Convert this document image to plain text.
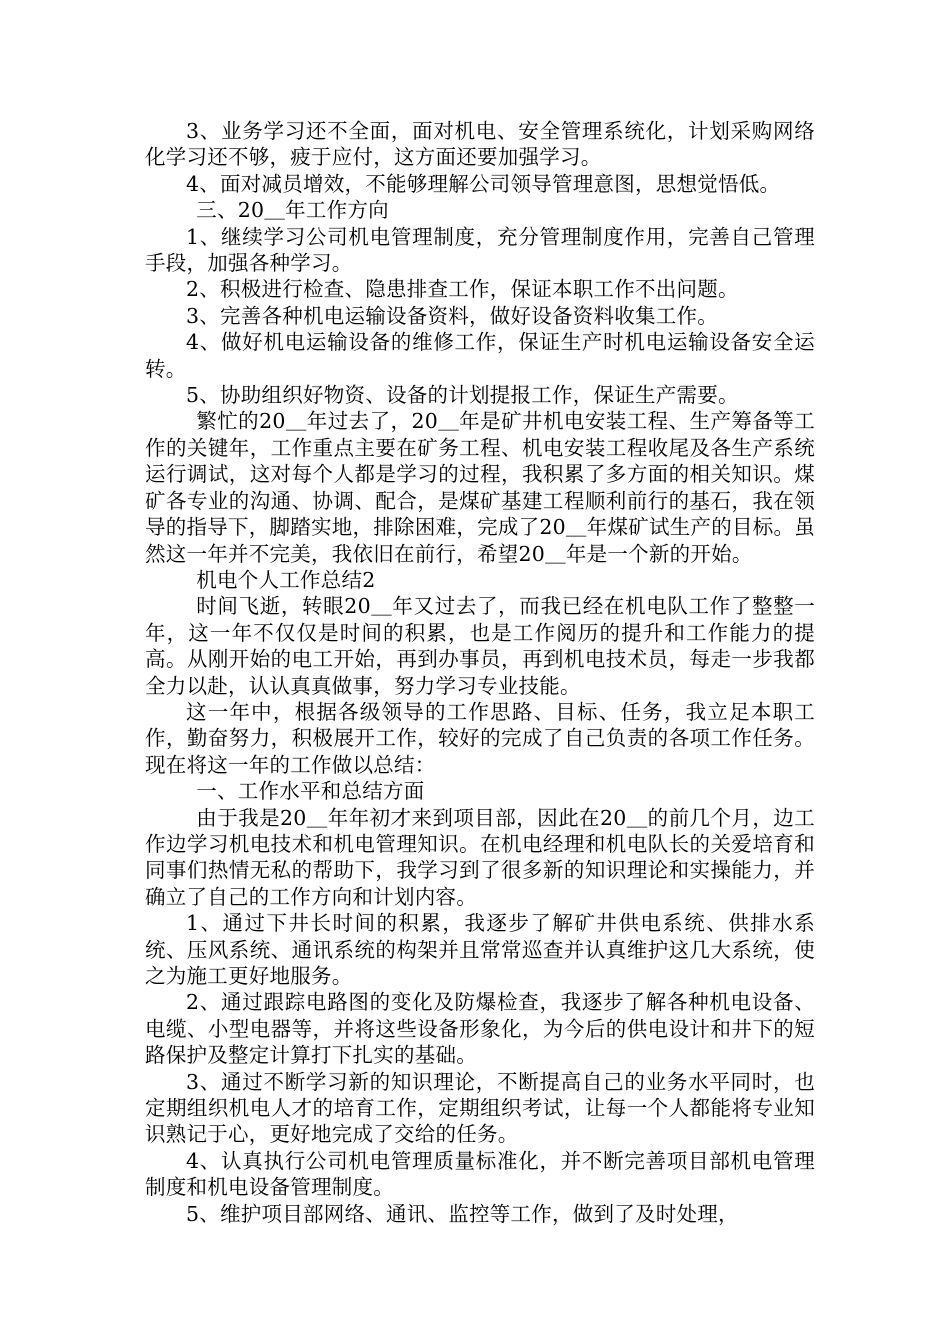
3、业务学习还不全面，面对机电、安全管理系统化，计划采购网络化学习还不够，疲于应付，这方面还要加强学习。

4、面对减员增效，不能够理解公司领导管理意图，思想觉悟低。

三、20＿年工作方向

1、继续学习公司机电管理制度，充分管理制度作用，完善自己管理手段，加强各种学习。

2、积极进行检查、隐患排查工作，保证本职工作不出问题。

3、完善各种机电运输设备资料，做好设备资料收集工作。

4、做好机电运输设备的维修工作，保证生产时机电运输设备安全运转。

5、协助组织好物资、设备的计划提报工作，保证生产需要。

繁忙的20＿年过去了，20＿年是矿井机电安装工程、生产筹备等工作的关键年，工作重点主要在矿务工程、机电安装工程收尾及各生产系统运行调试，这对每个人都是学习的过程，我积累了多方面的相关知识。煤矿各专业的沟通、协调、配合，是煤矿基建工程顺利前行的基石，我在领导的指导下，脚踏实地，排除困难，完成了20＿年煤矿试生产的目标。虽然这一年并不完美，我依旧在前行，希望20＿年是一个新的开始。

机电个人工作总结2

时间飞逝，转眼20＿年又过去了，而我已经在机电队工作了整整一年，这一年不仅仅是时间的积累，也是工作阅历的提升和工作能力的提高。从刚开始的电工开始，再到办事员，再到机电技术员，每走一步我都全力以赴，认认真真做事，努力学习专业技能。

这一年中，根据各级领导的工作思路、目标、任务，我立足本职工作，勤奋努力，积极展开工作，较好的完成了自己负责的各项工作任务。现在将这一年的工作做以总结：

一、工作水平和总结方面

由于我是20＿年年初才来到项目部，因此在20＿的前几个月，边工作边学习机电技术和机电管理知识。在机电经理和机电队长的关爱培育和同事们热情无私的帮助下，我学习到了很多新的知识理论和实操能力，并确立了自己的工作方向和计划内容。

1、通过下井长时间的积累，我逐步了解矿井供电系统、供排水系统、压风系统、通讯系统的构架并且常常巡查并认真维护这几大系统，使之为施工更好地服务。

2、通过跟踪电路图的变化及防爆检查，我逐步了解各种机电设备、电缆、小型电器等，并将这些设备形象化，为今后的供电设计和井下的短路保护及整定计算打下扎实的基础。

3、通过不断学习新的知识理论，不断提高自己的业务水平同时，也定期组织机电人才的培育工作，定期组织考试，让每一个人都能将专业知识熟记于心，更好地完成了交给的任务。

4、认真执行公司机电管理质量标准化，并不断完善项目部机电管理制度和机电设备管理制度。

5、维护项目部网络、通讯、监控等工作，做到了及时处理，
